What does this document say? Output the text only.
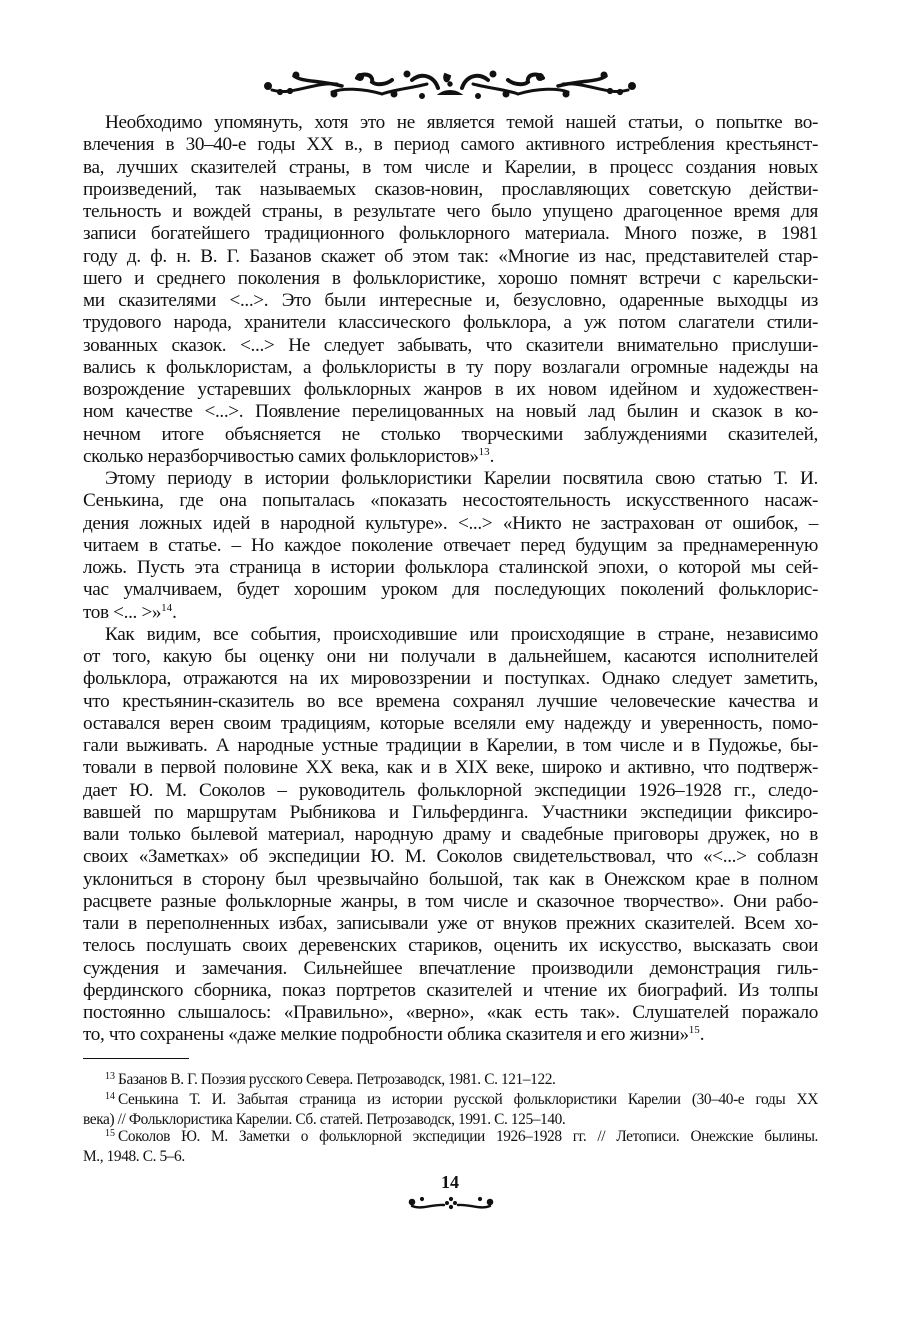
Необходимо упомянуть, хотя это не является темой нашей статьи, о попытке во-
влечения в 30–40-е годы XX в., в период самого активного истребления крестьянст-
ва, лучших сказителей страны, в том числе и Карелии, в процесс создания новых
произведений, так называемых сказов-новин, прославляющих советскую действи-
тельность и вождей страны, в результате чего было упущено драгоценное время для
записи богатейшего традиционного фольклорного материала. Много позже, в 1981
году д. ф. н. В. Г. Базанов скажет об этом так: «Многие из нас, представителей стар-
шего и среднего поколения в фольклористике, хорошо помнят встречи с карельски-
ми сказителями <...>. Это были интересные и, безусловно, одаренные выходцы из
трудового народа, хранители классического фольклора, а уж потом слагатели стили-
зованных сказок. <...> Не следует забывать, что сказители внимательно прислуши-
вались к фольклористам, а фольклористы в ту пору возлагали огромные надежды на
возрождение устаревших фольклорных жанров в их новом идейном и художествен-
ном качестве <...>. Появление перелицованных на новый лад былин и сказок в ко-
нечном итоге объясняется не столько творческими заблуждениями сказителей,
сколько неразборчивостью самих фольклористов»$^{13}$.
Этому периоду в истории фольклористики Карелии посвятила свою статью Т. И.
Сенькина, где она попыталась «показать несостоятельность искусственного насаж-
дения ложных идей в народной культуре». <...> «Никто не застрахован от ошибок, –
читаем в статье. – Но каждое поколение отвечает перед будущим за преднамеренную
ложь. Пусть эта страница в истории фольклора сталинской эпохи, о которой мы сей-
час умалчиваем, будет хорошим уроком для последующих поколений фольклорис-
тов <... >»$^{14}$.
Как видим, все события, происходившие или происходящие в стране, независимо
от того, какую бы оценку они ни получали в дальнейшем, касаются исполнителей
фольклора, отражаются на их мировоззрении и поступках. Однако следует заметить,
что крестьянин-сказитель во все времена сохранял лучшие человеческие качества и
оставался верен своим традициям, которые вселяли ему надежду и уверенность, помо-
гали выживать. А народные устные традиции в Карелии, в том числе и в Пудожье, бы-
товали в первой половине XX века, как и в XIX веке, широко и активно, что подтверж-
дает Ю. М. Соколов – руководитель фольклорной экспедиции 1926–1928 гг., следо-
вавшей по маршрутам Рыбникова и Гильфердинга. Участники экспедиции фиксиро-
вали только былевой материал, народную драму и свадебные приговоры дружек, но в
своих «Заметках» об экспедиции Ю. М. Соколов свидетельствовал, что «<...> соблазн
уклониться в сторону был чрезвычайно большой, так как в Онежском крае в полном
расцвете разные фольклорные жанры, в том числе и сказочное творчество». Они рабо-
тали в переполненных избах, записывали уже от внуков прежних сказителей. Всем хо-
телось послушать своих деревенских стариков, оценить их искусство, высказать свои
суждения и замечания. Сильнейшее впечатление производили демонстрация гиль-
фердинского сборника, показ портретов сказителей и чтение их биографий. Из толпы
постоянно слышалось: «Правильно», «верно», «как есть так». Слушателей поражало
то, что сохранены «даже мелкие подробности облика сказителя и его жизни»$^{15}$.
$^{13}$ Базанов В. Г. Поэзия русского Севера. Петрозаводск, 1981. С. 121–122.
$^{14}$ Сенькина Т. И. Забытая страница из истории русской фольклористики Карелии (30–40-е годы XX
века) // Фольклористика Карелии. Сб. статей. Петрозаводск, 1991. С. 125–140.
$^{15}$ Соколов Ю. М. Заметки о фольклорной экспедиции 1926–1928 гг. // Летописи. Онежские былины.
М., 1948. С. 5–6.
14
